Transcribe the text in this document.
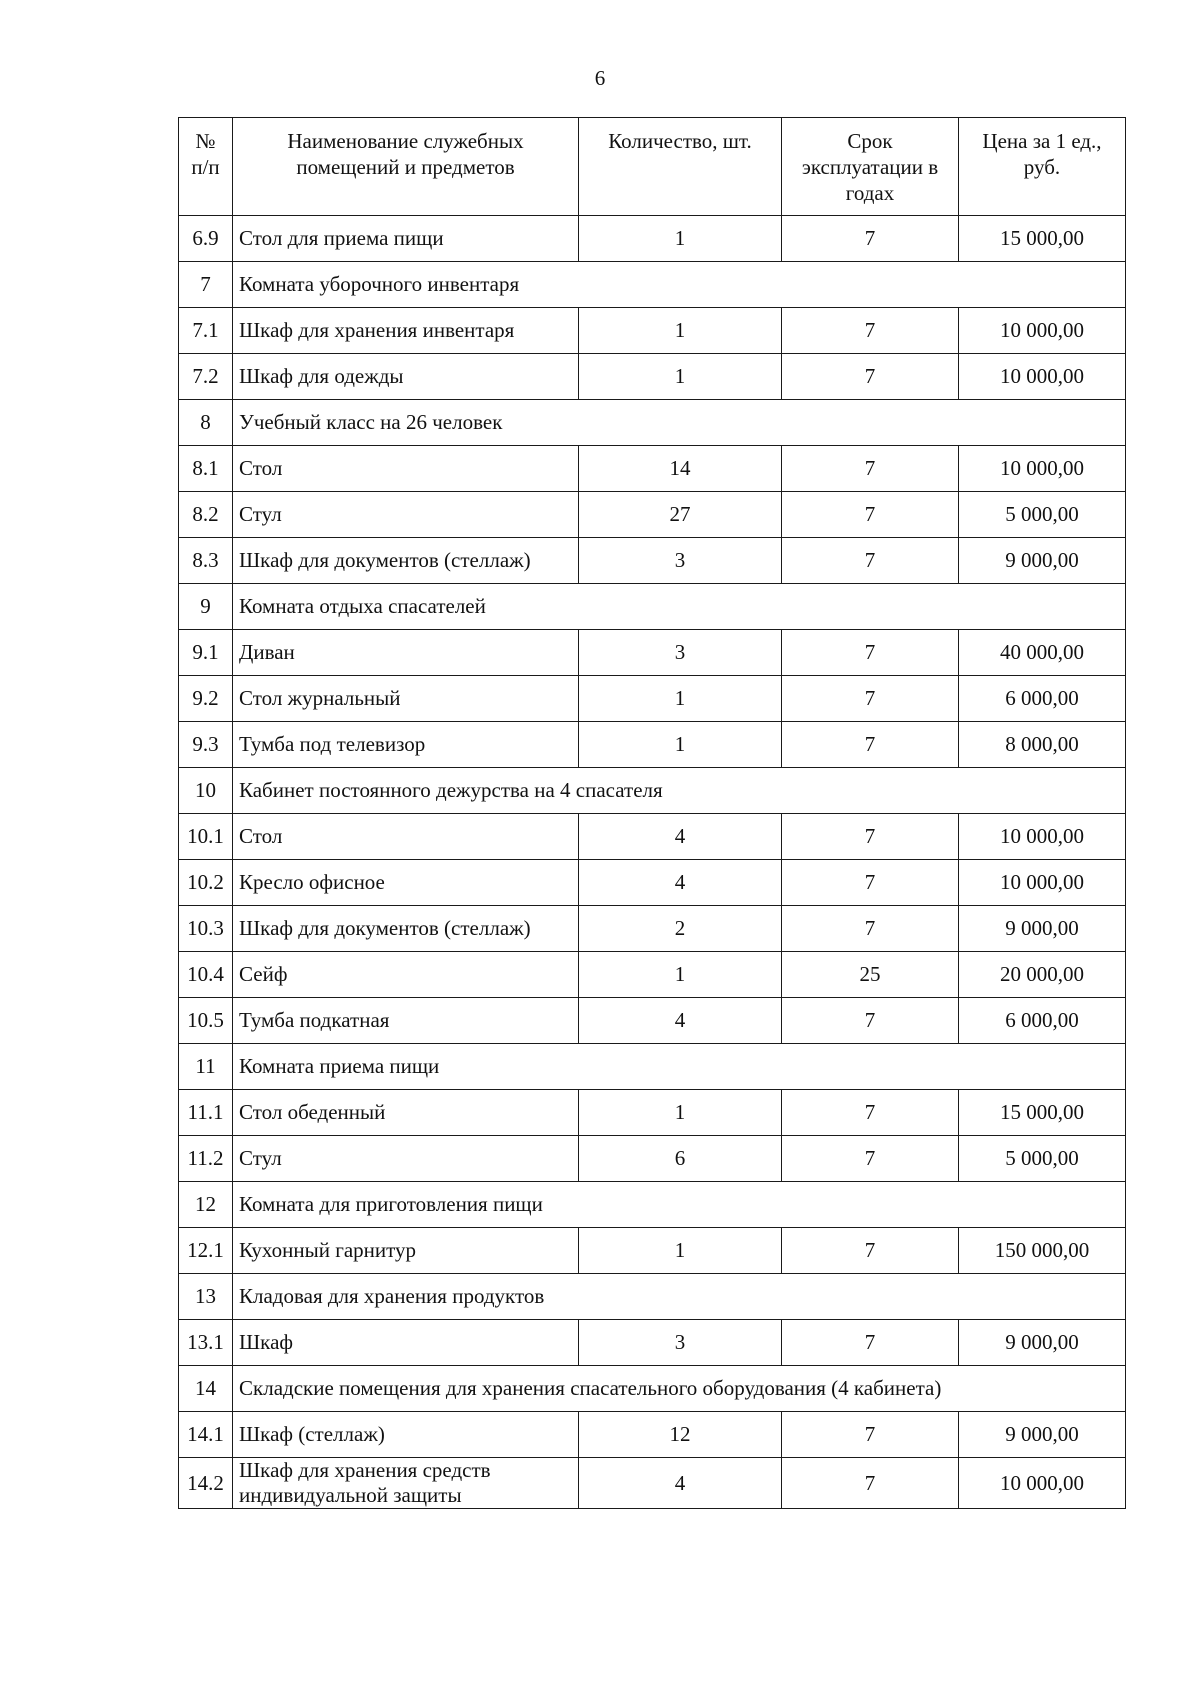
6
№ п/п	Наименование служебных помещений и предметов	Количество, шт.	Срок эксплуатации в годах	Цена за 1 ед., руб.
6.9	Стол для приема пищи	1	7	15 000,00
7	Комната уборочного инвентаря			
7.1	Шкаф для хранения инвентаря	1	7	10 000,00
7.2	Шкаф для одежды	1	7	10 000,00
8	Учебный класс на 26 человек			
8.1	Стол	14	7	10 000,00
8.2	Стул	27	7	5 000,00
8.3	Шкаф для документов (стеллаж)	3	7	9 000,00
9	Комната отдыха спасателей			
9.1	Диван	3	7	40 000,00
9.2	Стол журнальный	1	7	6 000,00
9.3	Тумба под телевизор	1	7	8 000,00
10	Кабинет постоянного дежурства на 4 спасателя			
10.1	Стол	4	7	10 000,00
10.2	Кресло офисное	4	7	10 000,00
10.3	Шкаф для документов (стеллаж)	2	7	9 000,00
10.4	Сейф	1	25	20 000,00
10.5	Тумба подкатная	4	7	6 000,00
11	Комната приема пищи			
11.1	Стол обеденный	1	7	15 000,00
11.2	Стул	6	7	5 000,00
12	Комната для приготовления пищи			
12.1	Кухонный гарнитур	1	7	150 000,00
13	Кладовая для хранения продуктов			
13.1	Шкаф	3	7	9 000,00
14	Складские помещения для хранения спасательного оборудования (4 кабинета)			
14.1	Шкаф (стеллаж)	12	7	9 000,00
14.2	Шкаф для хранения средств индивидуальной защиты	4	7	10 000,00
